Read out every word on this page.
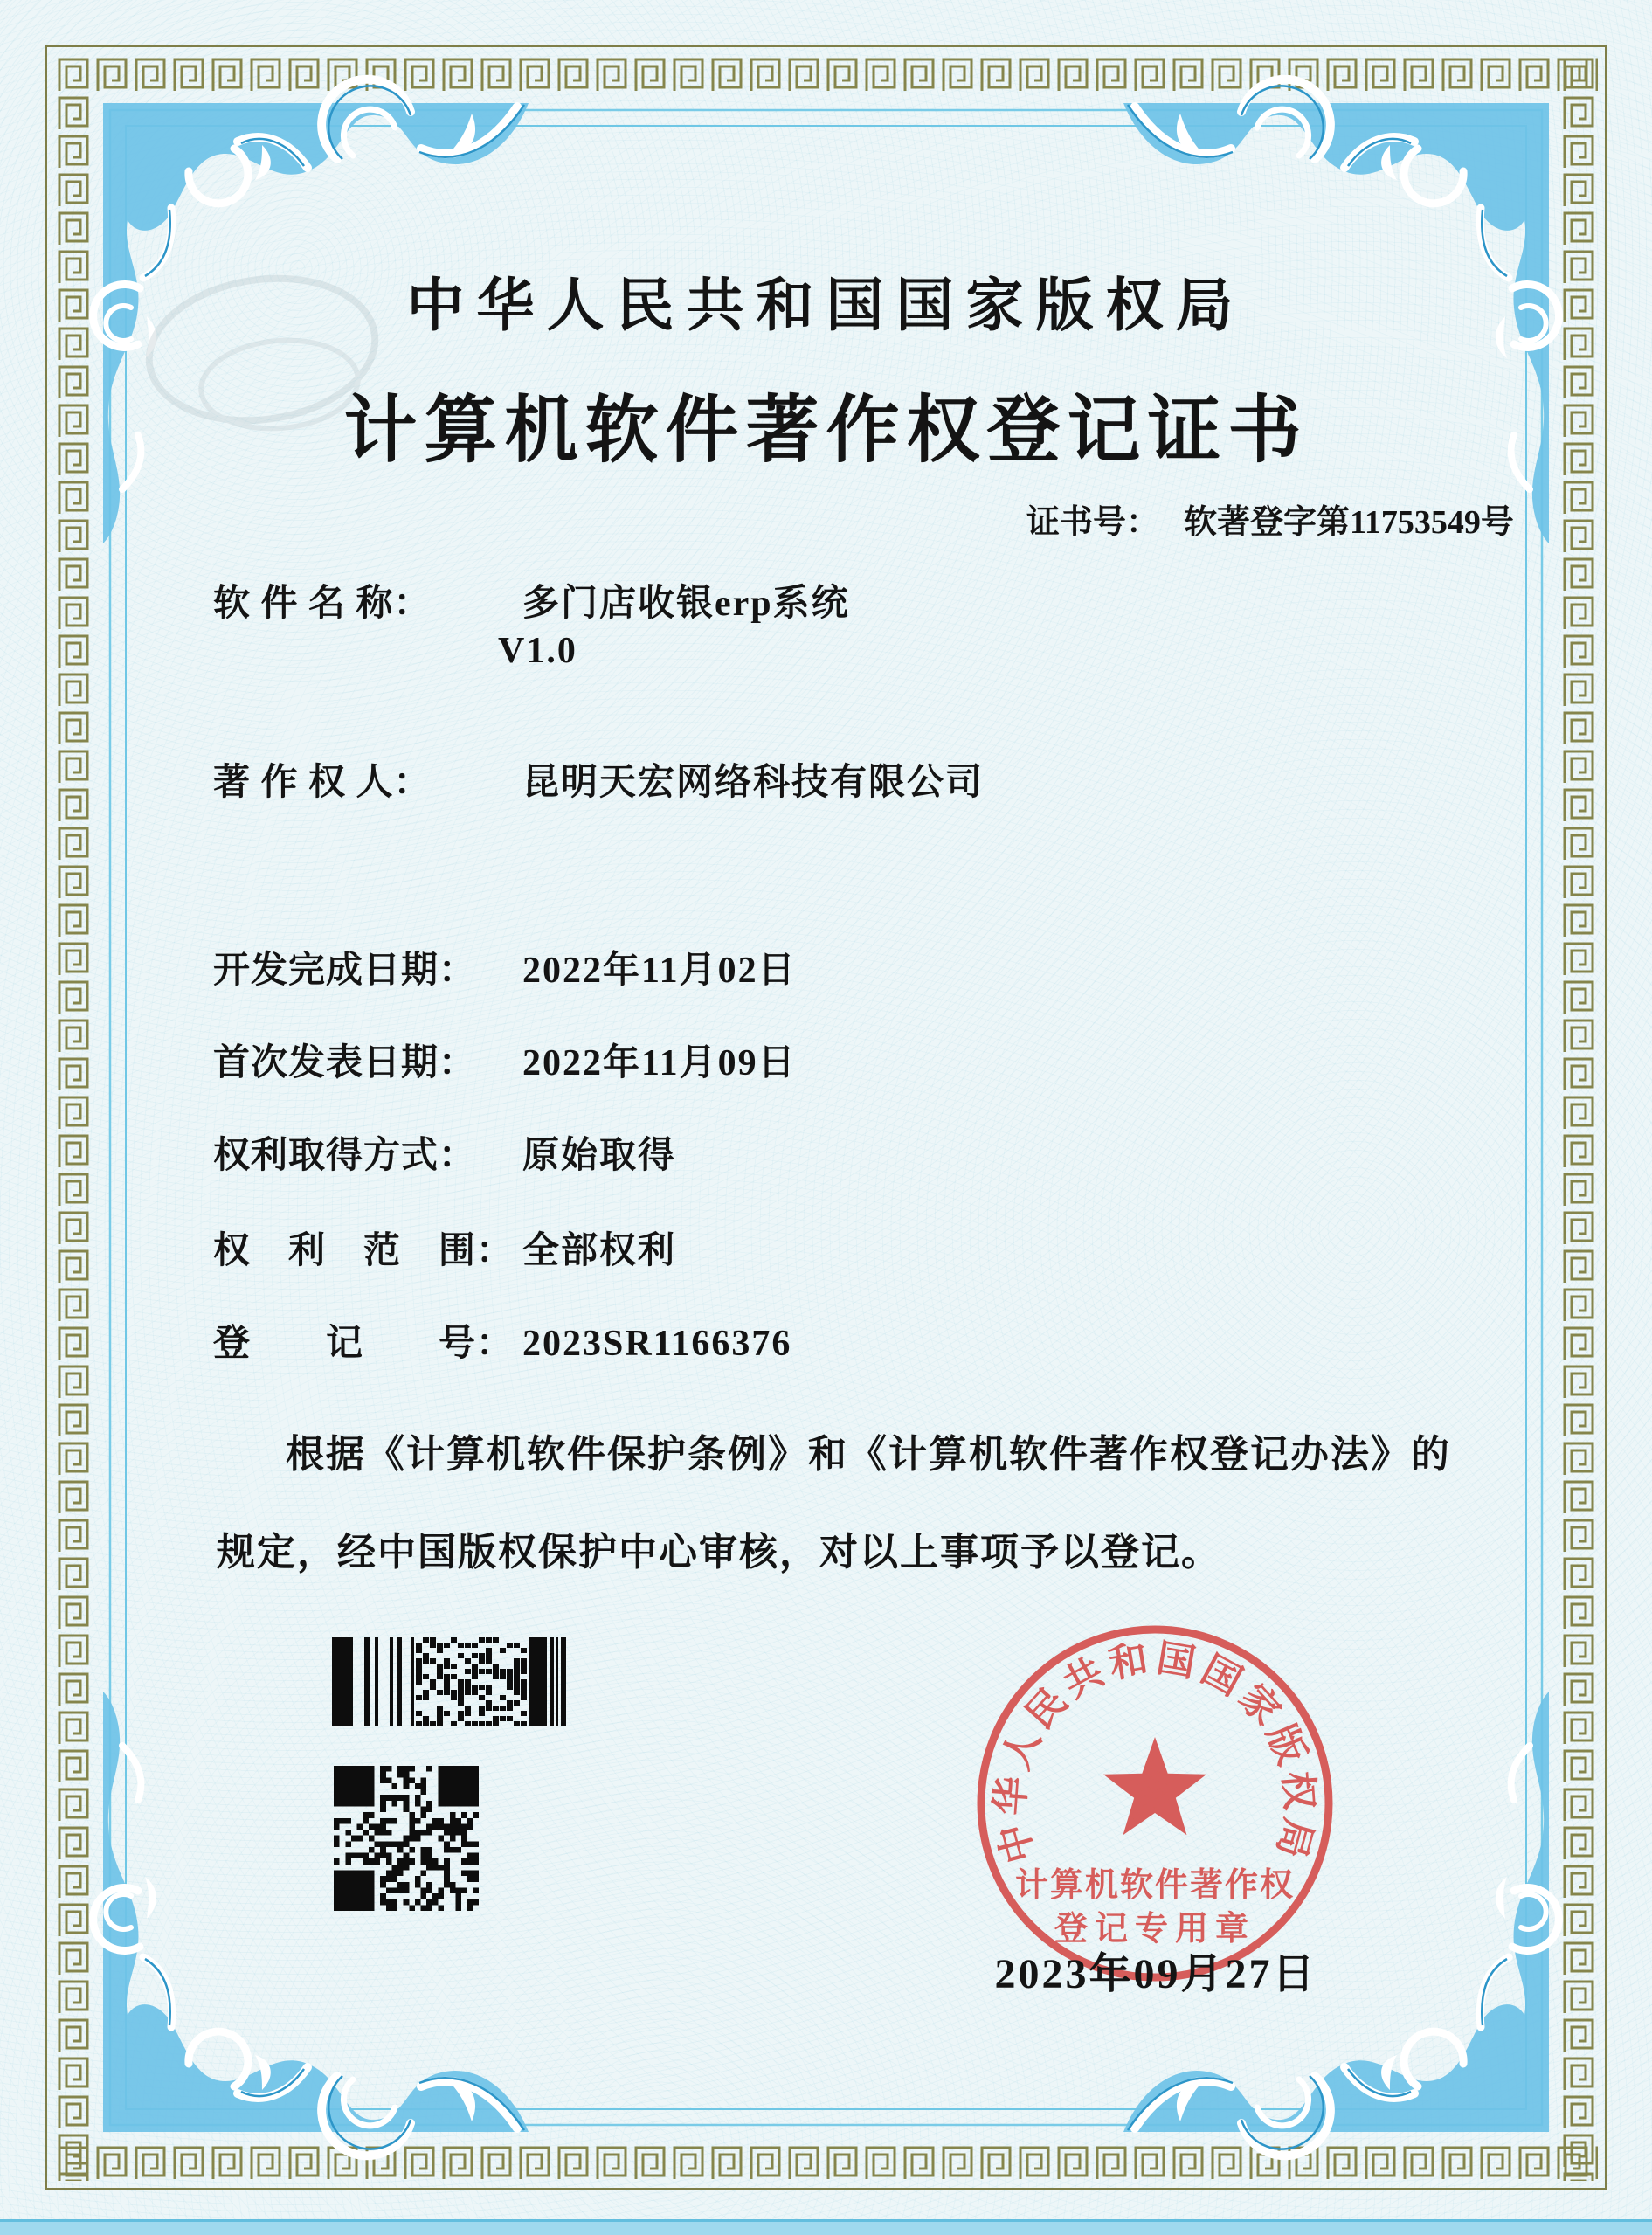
中华人民共和国国家版权局
计算机软件著作权登记证书
证书号： 软著登字第11753549号
软 件 名 称： 多门店收银erp系统
V1.0
著 作 权 人： 昆明天宏网络科技有限公司
开发完成日期： 2022年11月02日
首次发表日期： 2022年11月09日
权利取得方式： 原始取得
权　利　范　围： 全部权利
登　　记　　号： 2023SR1166376
根据《计算机软件保护条例》和《计算机软件著作权登记办法》的
规定，经中国版权保护中心审核，对以上事项予以登记。
中华人民共和国国家版权局
计算机软件著作权
登记专用章
2023年09月27日
